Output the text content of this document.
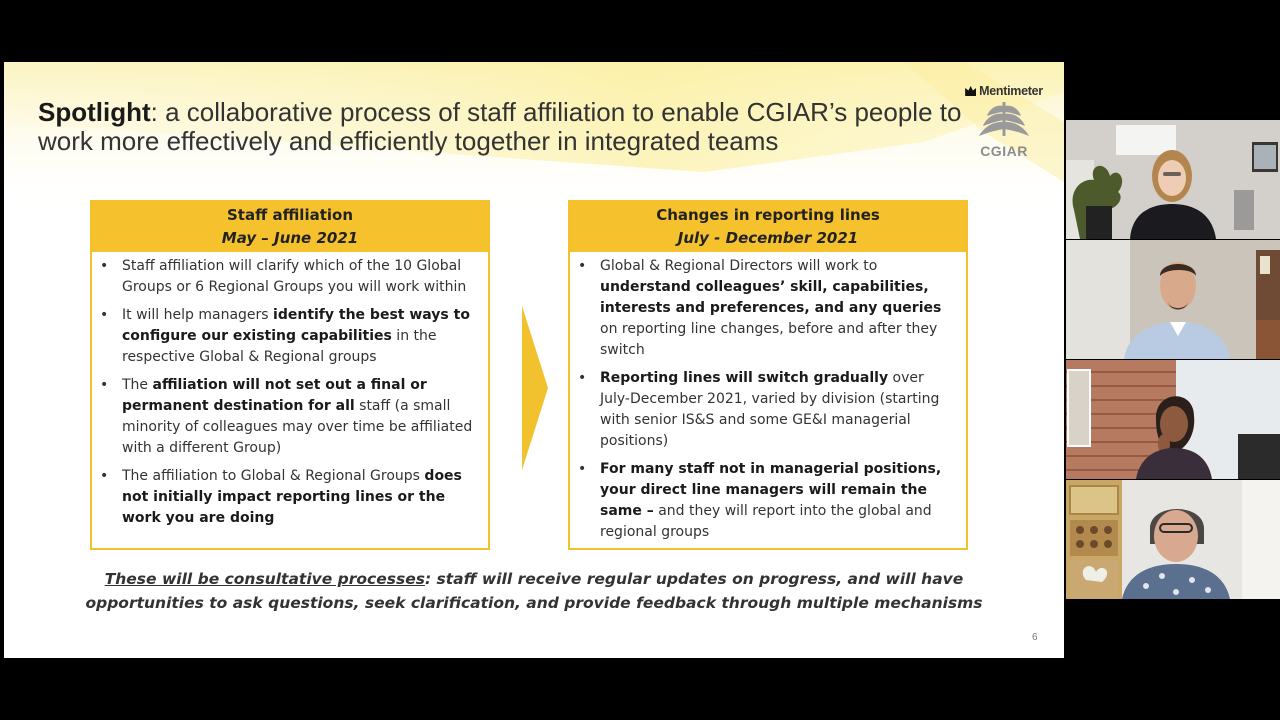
Spotlight: a collaborative process of staff affiliation to enable CGIAR’s people to work more effectively and efficiently together in integrated teams
Mentimeter
CGIAR
Staff affiliation
May – June 2021
• Staff affiliation will clarify which of the 10 Global Groups or 6 Regional Groups you will work within
• It will help managers identify the best ways to configure our existing capabilities in the respective Global & Regional groups
• The affiliation will not set out a final or permanent destination for all staff (a small minority of colleagues may over time be affiliated with a different Group)
• The affiliation to Global & Regional Groups does not initially impact reporting lines or the work you are doing
Changes in reporting lines
July - December 2021
• Global & Regional Directors will work to understand colleagues’ skill, capabilities, interests and preferences, and any queries on reporting line changes, before and after they switch
• Reporting lines will switch gradually over July-December 2021, varied by division (starting with senior IS&S and some GE&I managerial positions)
• For many staff not in managerial positions, your direct line managers will remain the same – and they will report into the global and regional groups
These will be consultative processes: staff will receive regular updates on progress, and will have opportunities to ask questions, seek clarification, and provide feedback through multiple mechanisms
6
